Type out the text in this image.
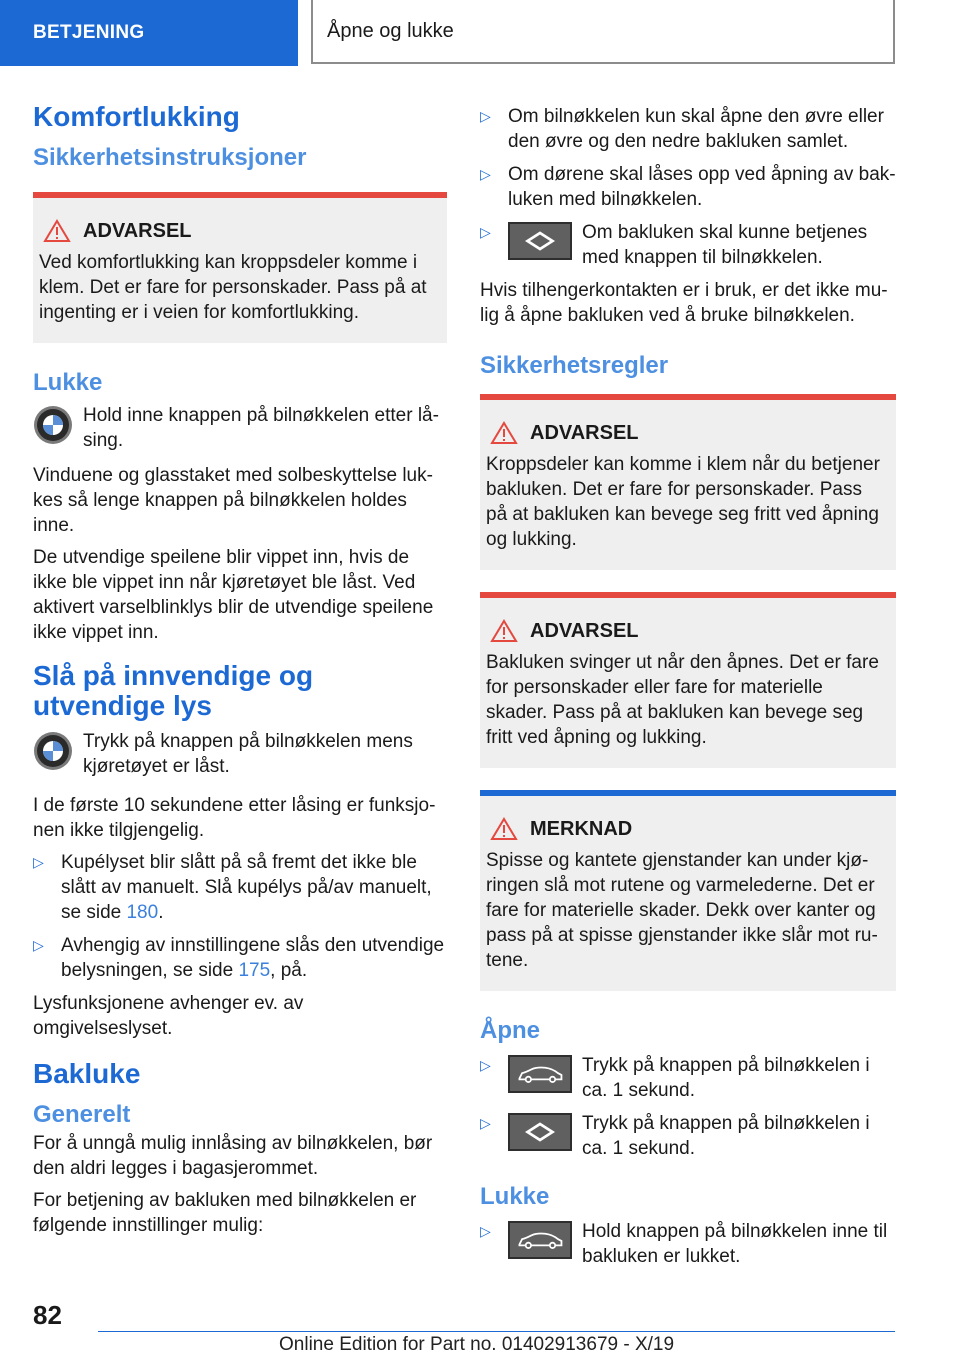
BETJENING	Åpne og lukke
Komfortlukking
Sikkerhetsinstruksjoner
ADVARSEL

Ved komfortlukking kan kroppsdeler komme i klem. Det er fare for personskader. Pass på at ingenting er i veien for komfortlukking.

Lukke

Hold inne knappen på bilnøkkelen etter låsing.

Vinduene og glasstaket med solbeskyttelse lukkes så lenge knappen på bilnøkkelen holdes inne.

De utvendige speilene blir vippet inn, hvis de ikke ble vippet inn når kjøretøyet ble låst. Ved aktivert varselblinklys blir de utvendige speilene ikke vippet inn.

Slå på innvendige og utvendige lys

Trykk på knappen på bilnøkkelen mens kjøretøyet er låst.

I de første 10 sekundene etter låsing er funksjonen ikke tilgjengelig.

▷ Kupélyset blir slått på så fremt det ikke ble slått av manuelt. Slå kupélys på/av manuelt, se side 180.

▷ Avhengig av innstillingene slås den utvendige belysningen, se side 175, på.

Lysfunksjonene avhenger ev. av omgivelseslyset.

Bakluke
Generelt

For å unngå mulig innlåsing av bilnøkkelen, bør den aldri legges i bagasjerommet.

For betjening av bakluken med bilnøkkelen er følgende innstillinger mulig:

▷ Om bilnøkkelen kun skal åpne den øvre eller den øvre og den nedre bakluken samlet.

▷ Om dørene skal låses opp ved åpning av bakluken med bilnøkkelen.

▷	Om bakluken skal kunne betjenes med knappen til bilnøkkelen.

Hvis tilhengerkontakten er i bruk, er det ikke mulig å åpne bakluken ved å bruke bilnøkkelen.

Sikkerhetsregler
ADVARSEL

Kroppsdeler kan komme i klem når du betjener bakluken. Det er fare for personskader. Pass på at bakluken kan bevege seg fritt ved åpning og lukking.

ADVARSEL

Bakluken svinger ut når den åpnes. Det er fare for personskader eller fare for materielle skader. Pass på at bakluken kan bevege seg fritt ved åpning og lukking.

MERKNAD

Spisse og kantete gjenstander kan under kjøringen slå mot rutene og varmelederne. Det er fare for materielle skader. Dekk over kanter og pass på at spisse gjenstander ikke slår mot rutene.

Åpne
▷	Trykk på knappen på bilnøkkelen i ca. 1 sekund.

▷	Trykk på knappen på bilnøkkelen i ca. 1 sekund.

Lukke
▷	Hold knappen på bilnøkkelen inne til bakluken er lukket.

82
Online Edition for Part no. 01402913679 - X/19
